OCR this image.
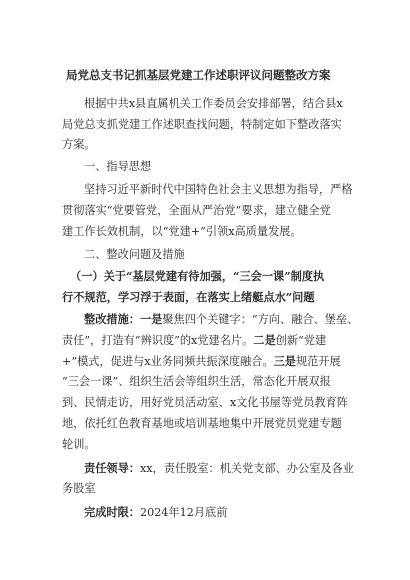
局党总支书记抓基层党建工作述职评议问题整改方案
根据中共x县直属机关工作委员会安排部署，结合县x
局党总支抓党建工作述职查找问题，特制定如下整改落实
方案。
一、指导思想
坚持习近平新时代中国特色社会主义思想为指导，严格
贯彻落实“党要管党，全面从严治党”要求，建立健全党
建工作长效机制，以“党建+”引领x高质量发展。
二、整改问题及措施
（一）关于“基层党建有待加强，“三会一课”制度执
行不规范，学习浮于表面，在落实上绪艇点水”问题
整改措施：一是聚焦四个关键字：“方向、融合、堡垒、
责任”，打造有“辨识度”的x党建名片。二是创新“党建
+”模式，促进与x业务同频共振深度融合。三是规范开展
“三会一课”、组织生活会等组织生活，常态化开展双报
到、民情走访，用好党员活动室、x文化书屋等党员教育阵
地，依托红色教育基地或培训基地集中开展党员党建专题
轮训。
责任领导：xx，责任股室：机关党支部、办公室及各业
务股室
完成时限：2024年12月底前
